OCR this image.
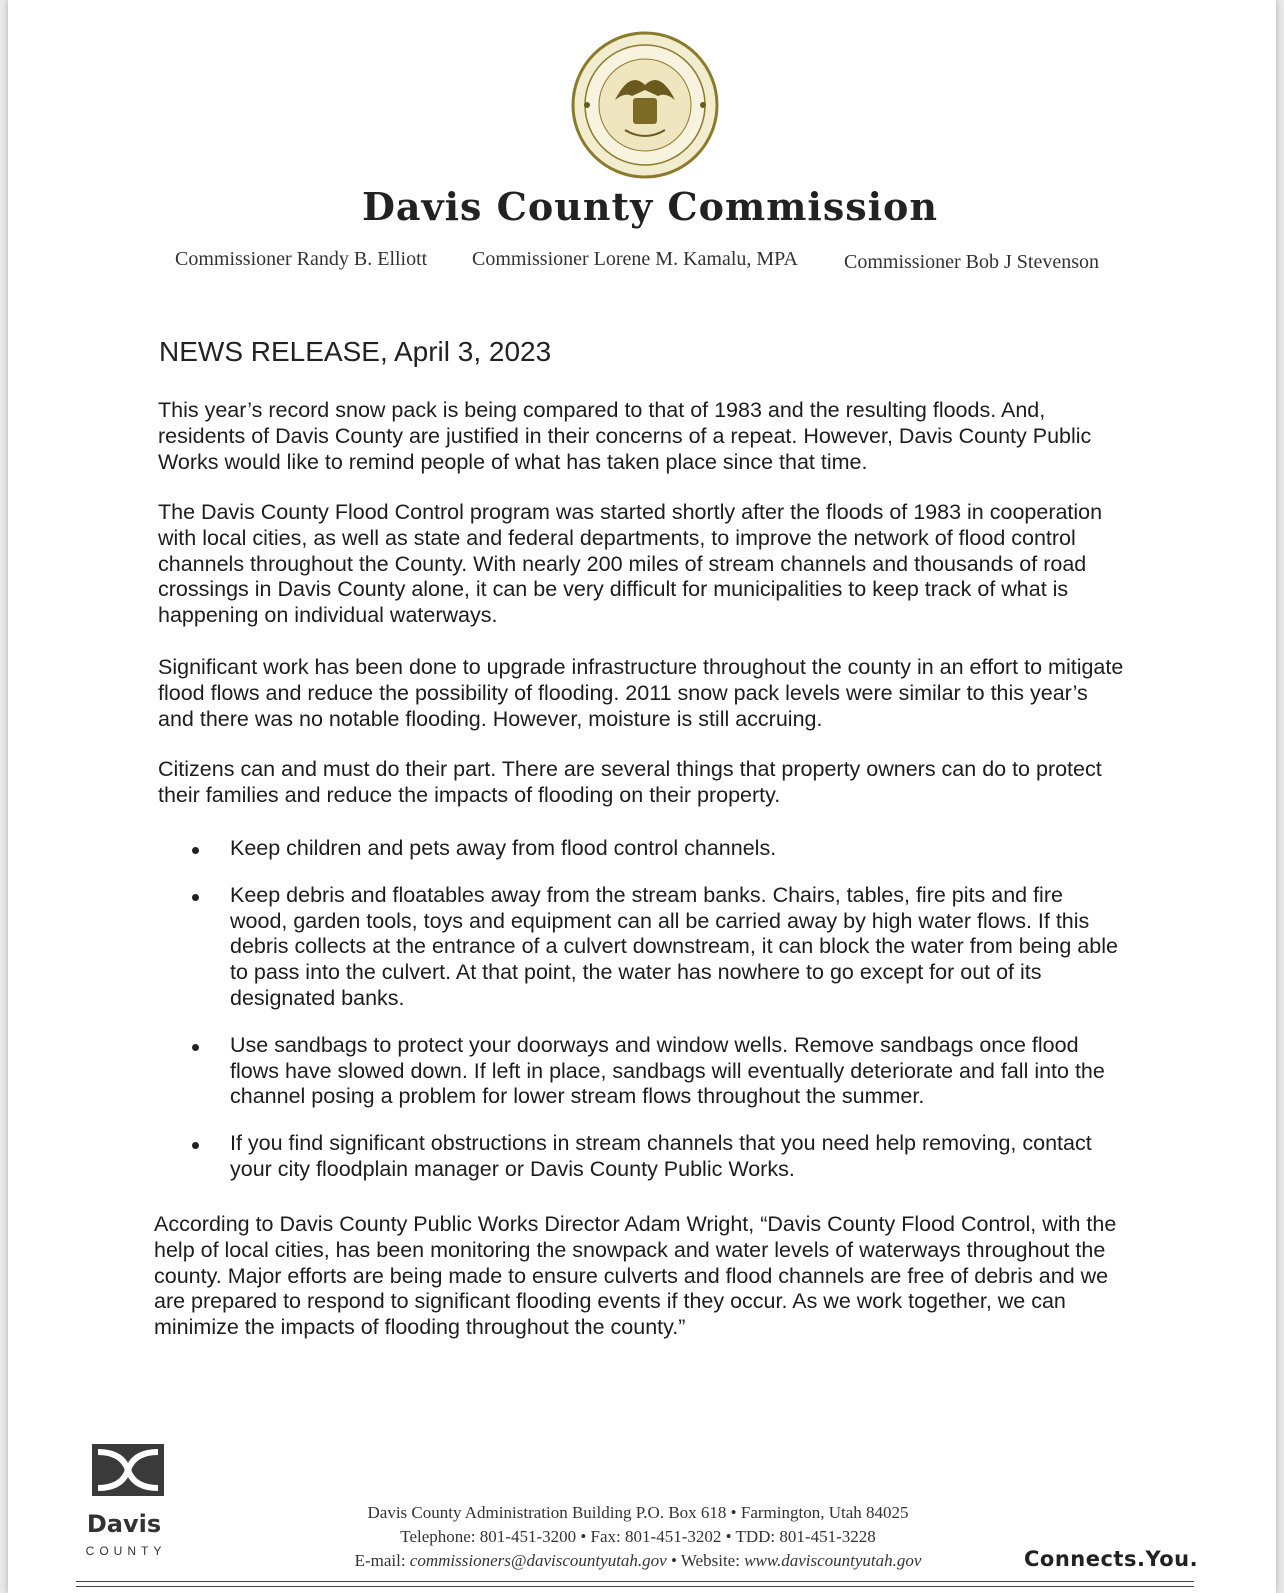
Davis County Commission
Commissioner Randy B. Elliott Commissioner Lorene M. Kamalu, MPA Commissioner Bob J Stevenson
NEWS RELEASE, April 3, 2023
This year’s record snow pack is being compared to that of 1983 and the resulting floods. And, residents of Davis County are justified in their concerns of a repeat. However, Davis County Public Works would like to remind people of what has taken place since that time.
The Davis County Flood Control program was started shortly after the floods of 1983 in cooperation with local cities, as well as state and federal departments, to improve the network of flood control channels throughout the County. With nearly 200 miles of stream channels and thousands of road crossings in Davis County alone, it can be very difficult for municipalities to keep track of what is happening on individual waterways.
Significant work has been done to upgrade infrastructure throughout the county in an effort to mitigate flood flows and reduce the possibility of flooding. 2011 snow pack levels were similar to this year’s and there was no notable flooding. However, moisture is still accruing.
Citizens can and must do their part. There are several things that property owners can do to protect their families and reduce the impacts of flooding on their property.
Keep children and pets away from flood control channels.
Keep debris and floatables away from the stream banks. Chairs, tables, fire pits and fire wood, garden tools, toys and equipment can all be carried away by high water flows. If this debris collects at the entrance of a culvert downstream, it can block the water from being able to pass into the culvert. At that point, the water has nowhere to go except for out of its designated banks.
Use sandbags to protect your doorways and window wells. Remove sandbags once flood flows have slowed down. If left in place, sandbags will eventually deteriorate and fall into the channel posing a problem for lower stream flows throughout the summer.
If you find significant obstructions in stream channels that you need help removing, contact your city floodplain manager or Davis County Public Works.
According to Davis County Public Works Director Adam Wright, “Davis County Flood Control, with the help of local cities, has been monitoring the snowpack and water levels of waterways throughout the county. Major efforts are being made to ensure culverts and flood channels are free of debris and we are prepared to respond to significant flooding events if they occur. As we work together, we can minimize the impacts of flooding throughout the county.”
Davis
COUNTY
Davis County Administration Building P.O. Box 618 • Farmington, Utah 84025
Telephone: 801-451-3200 • Fax: 801-451-3202 • TDD: 801-451-3228
E-mail: commissioners@daviscountyutah.gov • Website: www.daviscountyutah.gov	Connects.You.
